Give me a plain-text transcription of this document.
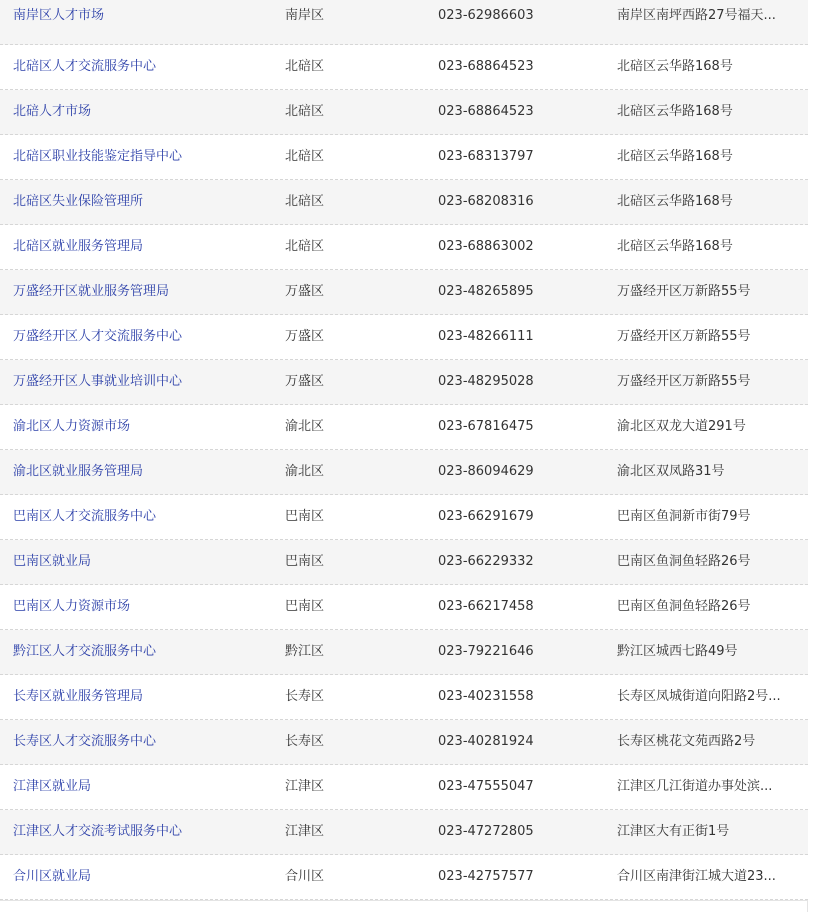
南岸区人才市场	南岸区	023-62986603	南岸区南坪西路27号福天...
北碚区人才交流服务中心	北碚区	023-68864523	北碚区云华路168号
北碚人才市场	北碚区	023-68864523	北碚区云华路168号
北碚区职业技能鉴定指导中心	北碚区	023-68313797	北碚区云华路168号
北碚区失业保险管理所	北碚区	023-68208316	北碚区云华路168号
北碚区就业服务管理局	北碚区	023-68863002	北碚区云华路168号
万盛经开区就业服务管理局	万盛区	023-48265895	万盛经开区万新路55号
万盛经开区人才交流服务中心	万盛区	023-48266111	万盛经开区万新路55号
万盛经开区人事就业培训中心	万盛区	023-48295028	万盛经开区万新路55号
渝北区人力资源市场	渝北区	023-67816475	渝北区双龙大道291号
渝北区就业服务管理局	渝北区	023-86094629	渝北区双凤路31号
巴南区人才交流服务中心	巴南区	023-66291679	巴南区鱼洞新市街79号
巴南区就业局	巴南区	023-66229332	巴南区鱼洞鱼轻路26号
巴南区人力资源市场	巴南区	023-66217458	巴南区鱼洞鱼轻路26号
黔江区人才交流服务中心	黔江区	023-79221646	黔江区城西七路49号
长寿区就业服务管理局	长寿区	023-40231558	长寿区凤城街道向阳路2号...
长寿区人才交流服务中心	长寿区	023-40281924	长寿区桃花文苑西路2号
江津区就业局	江津区	023-47555047	江津区几江街道办事处滨...
江津区人才交流考试服务中心	江津区	023-47272805	江津区大有正街1号
合川区就业局	合川区	023-42757577	合川区南津街江城大道23...
